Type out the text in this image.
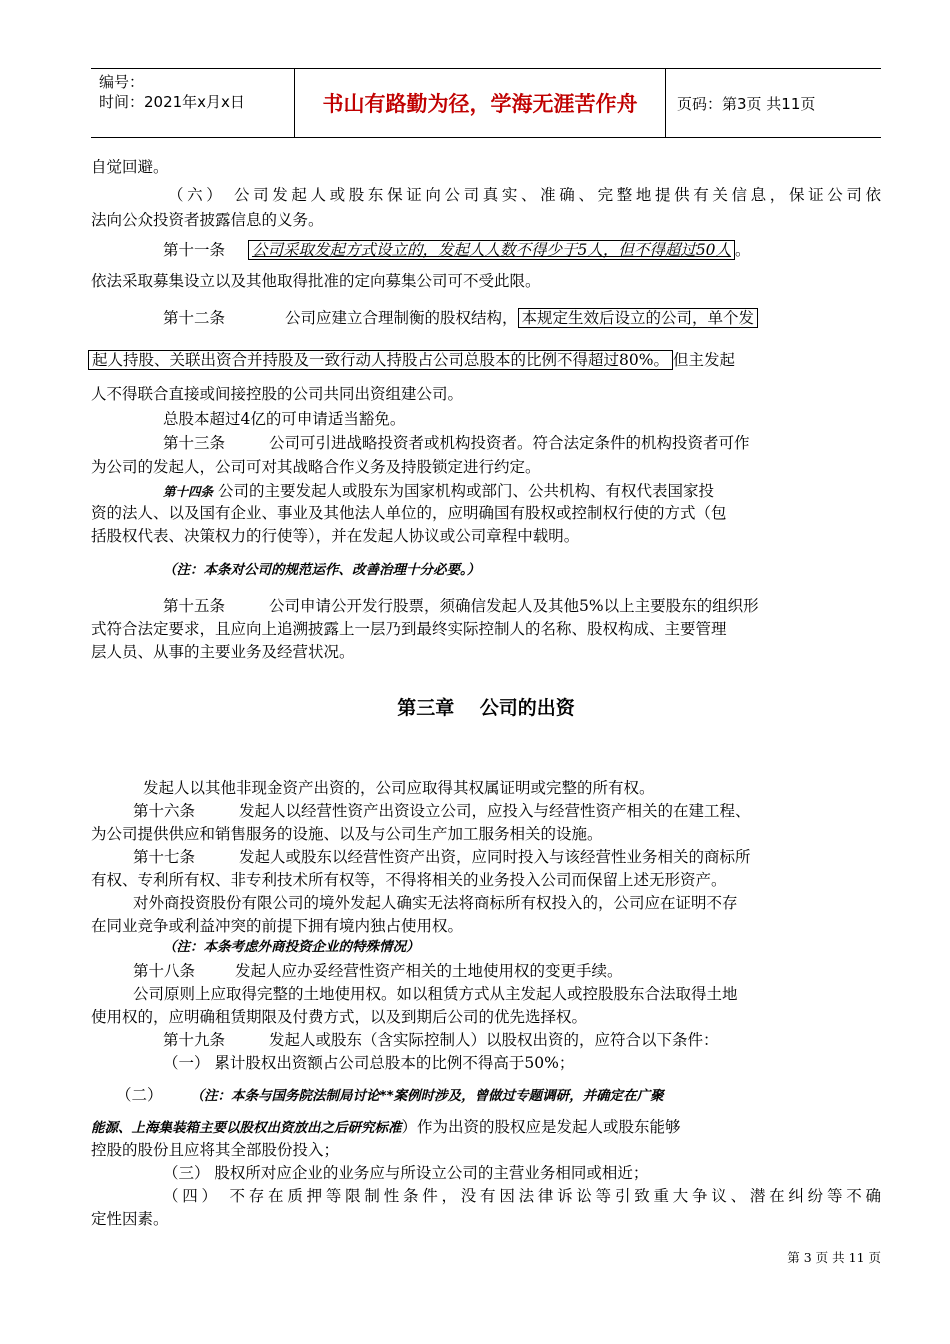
编号：
时间：2021年x月x日	书山有路勤为径，学海无涯苦作舟	页码：第3页 共11页
自觉回避。
（六） 公司发起人或股东保证向公司真实、准确、完整地提供有关信息，保证公司依
法向公众投资者披露信息的义务。
第十一条 公司采取发起方式设立的，发起人人数不得少于5人，但不得超过50人 。
依法采取募集设立以及其他取得批准的定向募集公司可不受此限。
第十二条	公司应建立合理制衡的股权结构， 本规定生效后设立的公司，单个发
起人持股、关联出资合并持股及一致行动人持股占公司总股本的比例不得超过80%。 但主发起
人不得联合直接或间接控股的公司共同出资组建公司。
总股本超过4亿的可申请适当豁免。
第十三条	公司可引进战略投资者或机构投资者。符合法定条件的机构投资者可作
为公司的发起人，公司可对其战略合作义务及持股锁定进行约定。
第十四条 公司的主要发起人或股东为国家机构或部门、公共机构、有权代表国家投
资的法人、以及国有企业、事业及其他法人单位的，应明确国有股权或控制权行使的方式（包
括股权代表、决策权力的行使等），并在发起人协议或公司章程中载明。
（注：本条对公司的规范运作、改善治理十分必要。）
第十五条	公司申请公开发行股票，须确信发起人及其他5%以上主要股东的组织形
式符合法定要求，且应向上追溯披露上一层乃到最终实际控制人的名称、股权构成、主要管理
层人员、从事的主要业务及经营状况。
第三章　 公司的出资
发起人以其他非现金资产出资的，公司应取得其权属证明或完整的所有权。
第十六条	发起人以经营性资产出资设立公司，应投入与经营性资产相关的在建工程、
为公司提供供应和销售服务的设施、以及与公司生产加工服务相关的设施。
第十七条	发起人或股东以经营性资产出资，应同时投入与该经营性业务相关的商标所
有权、专利所有权、非专利技术所有权等，不得将相关的业务投入公司而保留上述无形资产。
对外商投资股份有限公司的境外发起人确实无法将商标所有权投入的，公司应在证明不存
在同业竞争或利益冲突的前提下拥有境内独占使用权。
（注：本条考虑外商投资企业的特殊情况）
第十八条	发起人应办妥经营性资产相关的土地使用权的变更手续。
公司原则上应取得完整的土地使用权。如以租赁方式从主发起人或控股股东合法取得土地
使用权的，应明确租赁期限及付费方式，以及到期后公司的优先选择权。
第十九条	发起人或股东（含实际控制人）以股权出资的，应符合以下条件：
（一） 累计股权出资额占公司总股本的比例不得高于50%；
（二） （注：本条与国务院法制局讨论**案例时涉及，曾做过专题调研，并确定在广聚
能源、上海集装箱主要以股权出资放出之后研究标准）作为出资的股权应是发起人或股东能够
控股的股份且应将其全部股份投入；
（三） 股权所对应企业的业务应与所设立公司的主营业务相同或相近；
（四） 不存在质押等限制性条件，没有因法律诉讼等引致重大争议、潜在纠纷等不确
定性因素。
第 3 页 共 11 页
